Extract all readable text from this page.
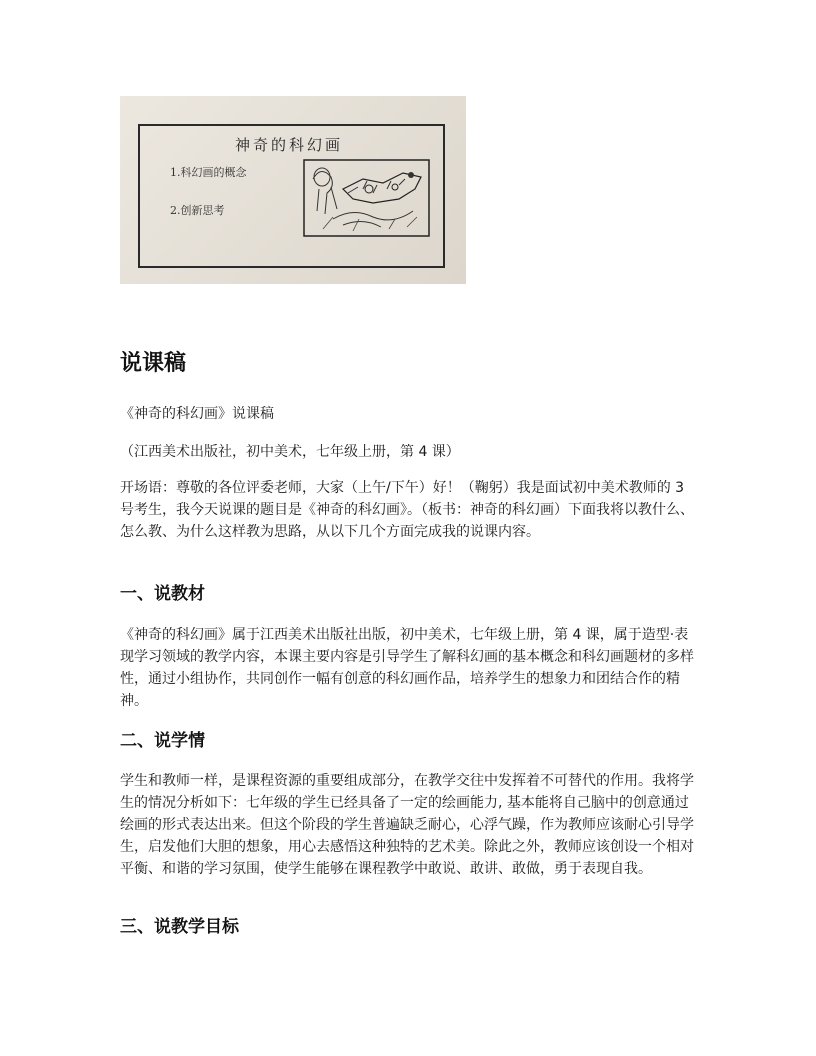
神奇的科幻画
1.科幻画的概念
2.创新思考
说课稿

《神奇的科幻画》说课稿

（江西美术出版社，初中美术，七年级上册，第 4 课）

开场语：尊敬的各位评委老师，大家（上午/下午）好！（鞠躬）我是面试初中美术教师的 3 号考生，我今天说课的题目是《神奇的科幻画》。（板书：神奇的科幻画）下面我将以教什么、怎么教、为什么这样教为思路，从以下几个方面完成我的说课内容。

一、说教材

《神奇的科幻画》属于江西美术出版社出版，初中美术，七年级上册，第 4 课，属于造型·表现学习领域的教学内容，本课主要内容是引导学生了解科幻画的基本概念和科幻画题材的多样性，通过小组协作，共同创作一幅有创意的科幻画作品，培养学生的想象力和团结合作的精神。

二、说学情

学生和教师一样，是课程资源的重要组成部分，在教学交往中发挥着不可替代的作用。我将学生的情况分析如下：七年级的学生已经具备了一定的绘画能力, 基本能将自己脑中的创意通过绘画的形式表达出来。但这个阶段的学生普遍缺乏耐心，心浮气躁，作为教师应该耐心引导学生，启发他们大胆的想象，用心去感悟这种独特的艺术美。除此之外，教师应该创设一个相对平衡、和谐的学习氛围，使学生能够在课程教学中敢说、敢讲、敢做，勇于表现自我。

三、说教学目标
